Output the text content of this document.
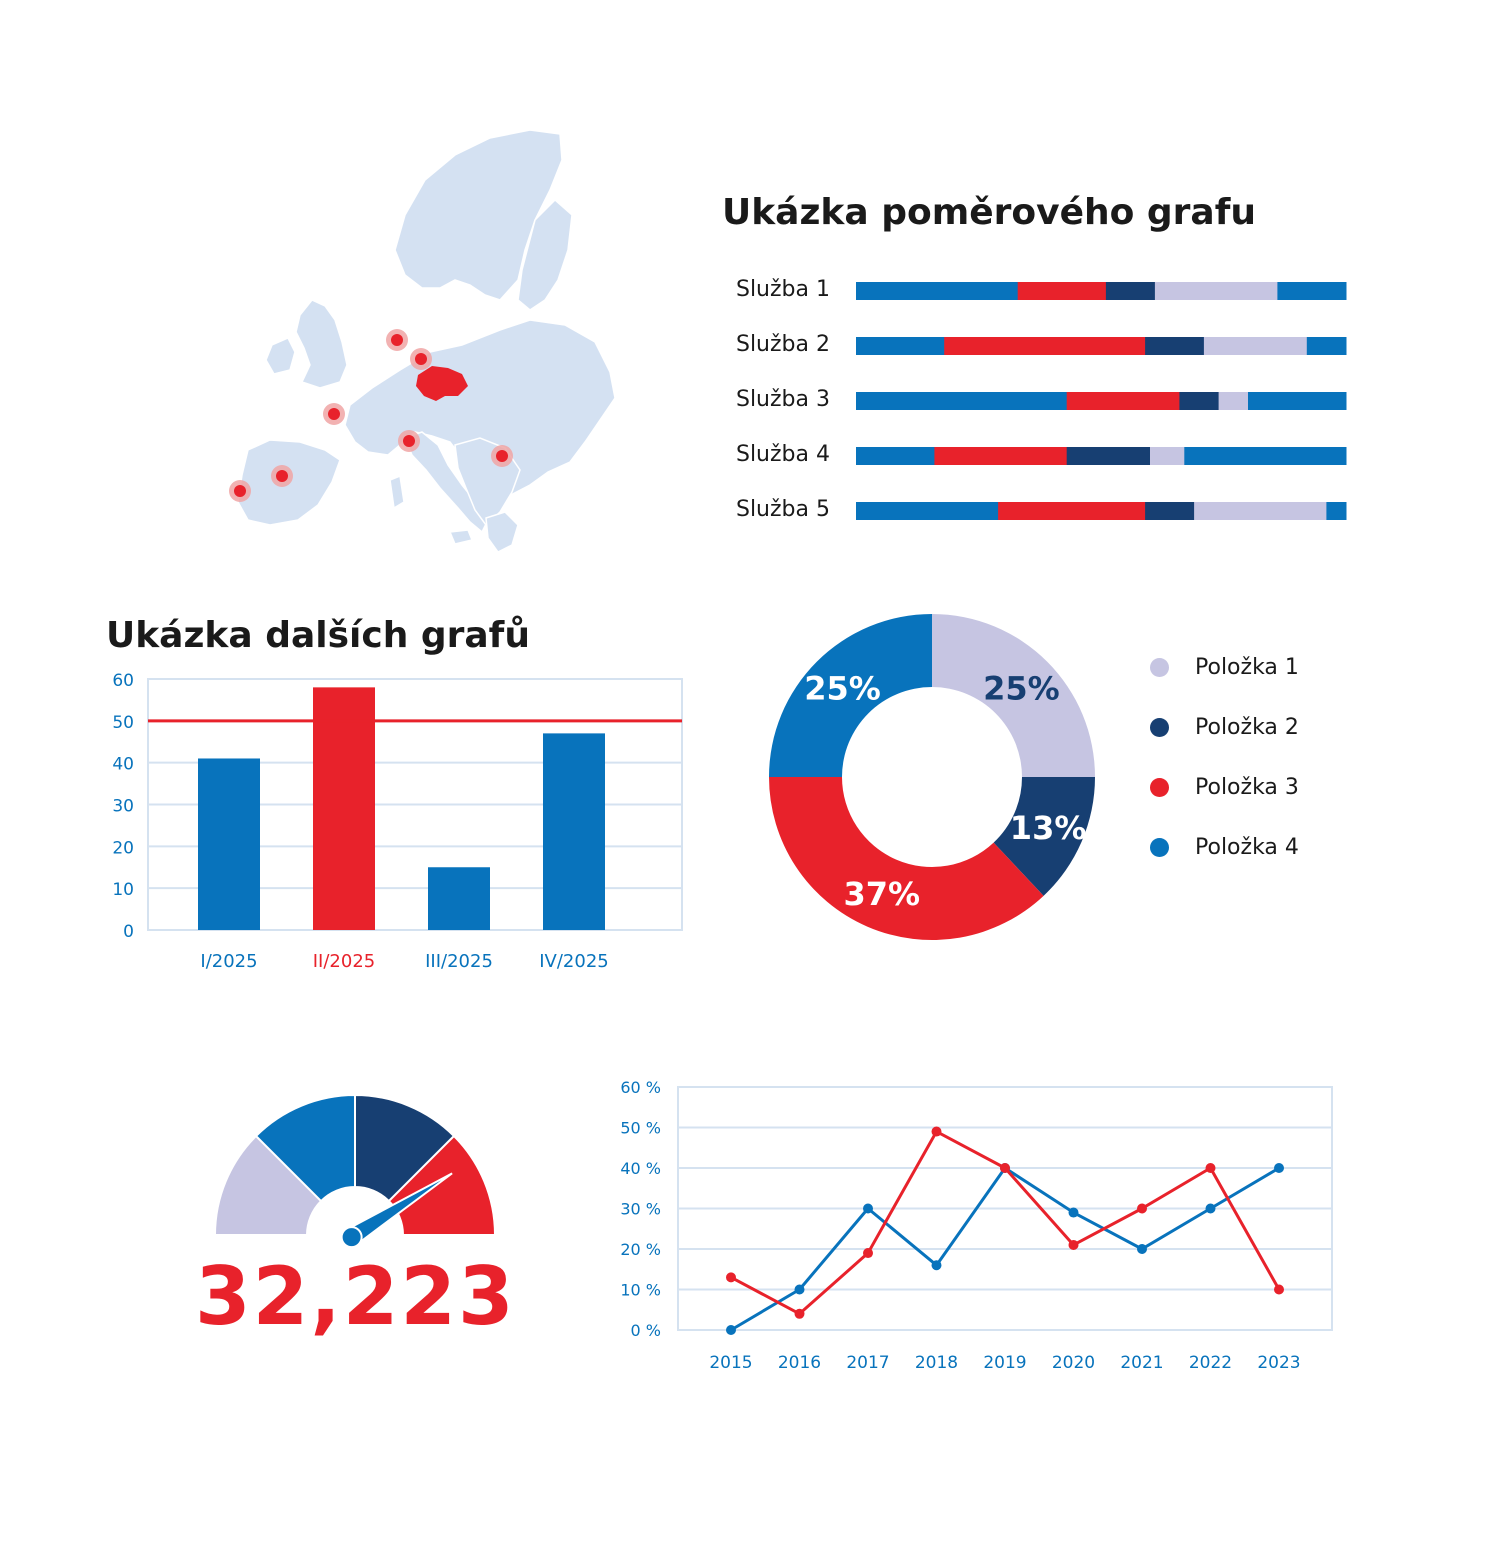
Ukázka poměrového grafu
Služba 1
Služba 2
Služba 3
Služba 4
Služba 5
Ukázka dalších grafů
0
10
20
30
40
50
60
I/2025	II/2025	III/2025	IV/2025
25%
13%
37%
25%
Položka 1
Položka 2
Položka 3
Položka 4
32,223	0 %
10 %
20 %
30 %
40 %
50 %
60 %
2015 2016 2017 2018 2019 2020 2021 2022 2023
